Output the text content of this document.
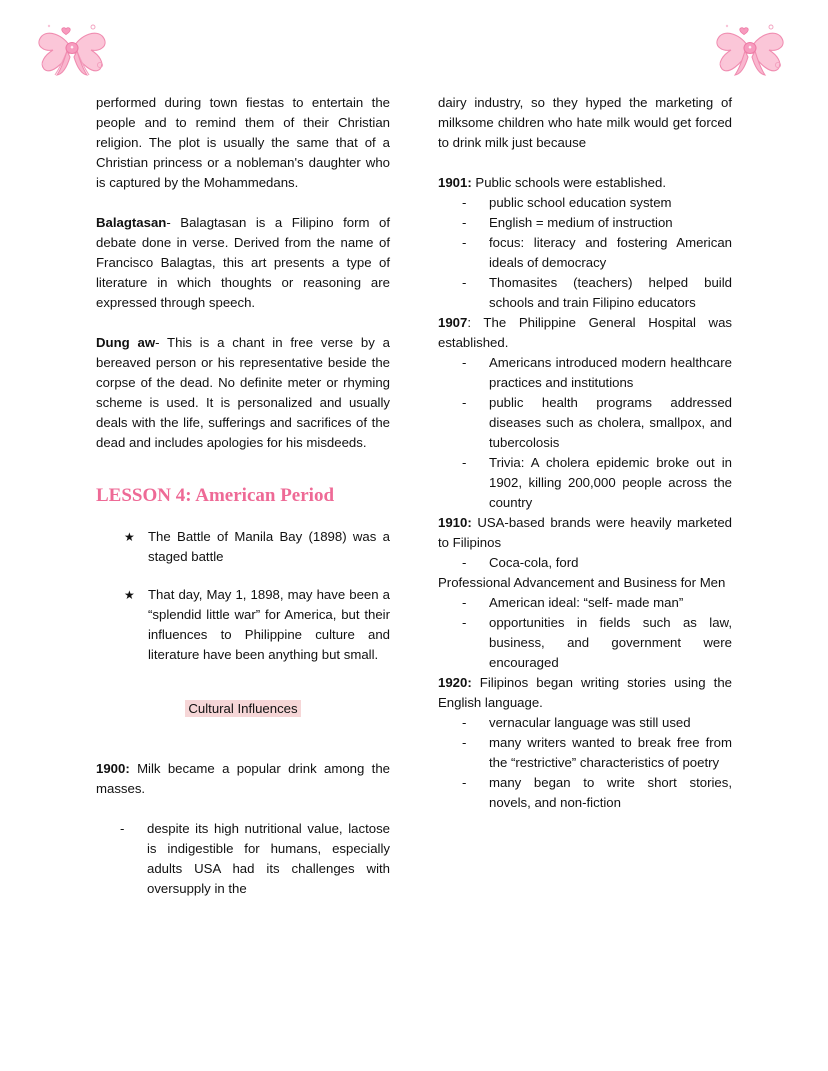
performed during town fiestas to entertain the people and to remind them of their Christian religion. The plot is usually the same that of a Christian princess or a nobleman's daughter who is captured by the Mohammedans.

Balagtasan- Balagtasan is a Filipino form of debate done in verse. Derived from the name of Francisco Balagtas, this art presents a type of literature in which thoughts or reasoning are expressed through speech.

Dung aw- This is a chant in free verse by a bereaved person or his representative beside the corpse of the dead. No definite meter or rhyming scheme is used. It is personalized and usually deals with the life, sufferings and sacrifices of the dead and includes apologies for his misdeeds.

LESSON 4: American Period
★ The Battle of Manila Bay (1898) was a staged battle
★ That day, May 1, 1898, may have been a “splendid little war” for America, but their influences to Philippine culture and literature have been anything but small.
Cultural Influences

1900: Milk became a popular drink among the masses.

- despite its high nutritional value, lactose is indigestible for humans, especially adults USA had its challenges with oversupply in the

dairy industry, so they hyped the marketing of milksome children who hate milk would get forced to drink milk just because

1901: Public schools were established.

- public school education system
- English = medium of instruction
- focus: literacy and fostering American ideals of democracy
- Thomasites (teachers) helped build schools and train Filipino educators

1907: The Philippine General Hospital was established.

- Americans introduced modern healthcare practices and institutions
- public health programs addressed diseases such as cholera, smallpox, and tubercolosis
- Trivia: A cholera epidemic broke out in 1902, killing 200,000 people across the country

1910: USA-based brands were heavily marketed to Filipinos

- Coca-cola, ford

Professional Advancement and Business for Men

- American ideal: “self- made man”
- opportunities in fields such as law, business, and government were encouraged

1920: Filipinos began writing stories using the English language.

- vernacular language was still used
- many writers wanted to break free from the “restrictive” characteristics of poetry
- many began to write short stories, novels, and non-fiction
